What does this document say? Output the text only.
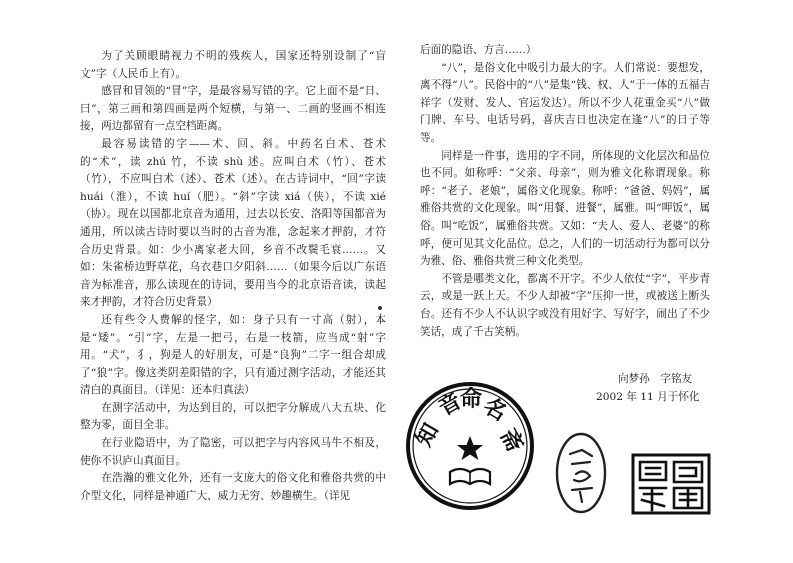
为了关顾眼睛视力不明的残疾人，国家还特别设制了“盲文”字（人民币上有）。

感冒和冒领的“冒”字，是最容易写错的字。它上面不是“日、曰”，第三画和第四画是两个短横，与第一、二画的竖画不相连接，两边都留有一点空档距离。

最容易读错的字——术、回、斜。中药名白术、苍术的“术”，读 zhú 竹，不读 shù 述。应叫白术（竹）、苍术（竹），不应叫白术（述）、苍术（述）。在古诗词中，“回”字读 huái（淮），不读 huí（肥）。“斜”字读 xiá（侠），不读 xié（协）。现在以国都北京音为通用，过去以长安、洛阳等国都音为通用，所以读古诗时要以当时的古音为准，念起来才押韵，才符合历史背景。如：少小离家老大回，乡音不改鬓毛衰……。又如：朱雀桥边野草花，乌衣巷口夕阳斜……（如果今后以广东语音为标准音，那么读现在的诗词，要用当今的北京语音读，读起来才押韵，才符合历史背景）

还有些令人费解的怪字，如：身子只有一寸高（射），本是“矮”。“引”字，左是一把弓，右是一枝箭，应当成“射”字用。“犬”，犭，狗是人的好朋友，可是“良狗”二字一组合却成了“狼”字。像这类阴差阳错的字，只有通过测字活动，才能还其清白的真面目。（详见：还本归真法）

在测字活动中，为达到目的，可以把字分解成八大五块、化整为零，面目全非。

在行业隐语中，为了隐密，可以把字与内容风马牛不相及，使你不识庐山真面目。

在浩瀚的雅文化外，还有一支庞大的俗文化和雅俗共赏的中介型文化，同样是神通广大、威力无穷、妙趣横生。（详见

后面的隐语、方言……）

“八”，是俗文化中吸引力最大的字。人们常说：要想发，离不得“八”。民俗中的“八”是集“钱、权、人”于一体的五福吉祥字（发财、发人、官运发达）。所以不少人花重金买“八”做门牌、车号、电话号码，喜庆吉日也决定在逢“八”的日子等等。

同样是一件事，选用的字不同，所体现的文化层次和品位也不同。如称呼：“父亲、母亲”，则为雅文化称谓现象。称呼：“老子、老娘”，属俗文化现象。称呼：“爸爸、妈妈”，属雅俗共赏的文化现象。叫“用餐、进餐”，属雅。叫“呷饭”，属俗。叫“吃饭”，属雅俗共赏。又如：“夫人、爱人、老婆”的称呼，便可见其文化品位。总之，人们的一切活动行为都可以分为雅、俗、雅俗共赏三种文化类型。

不管是哪类文化，都离不开字。不少人依仗“字”，平步青云，或是一跃上天。不少人却被“字”压抑一世，或被送上断头台。还有不少人不认识字或没有用好字、写好字，闹出了不少笑话，成了千古笑柄。

向梦孙　字铭友
2002 年 11 月于怀化
知
音
命
名
斋
